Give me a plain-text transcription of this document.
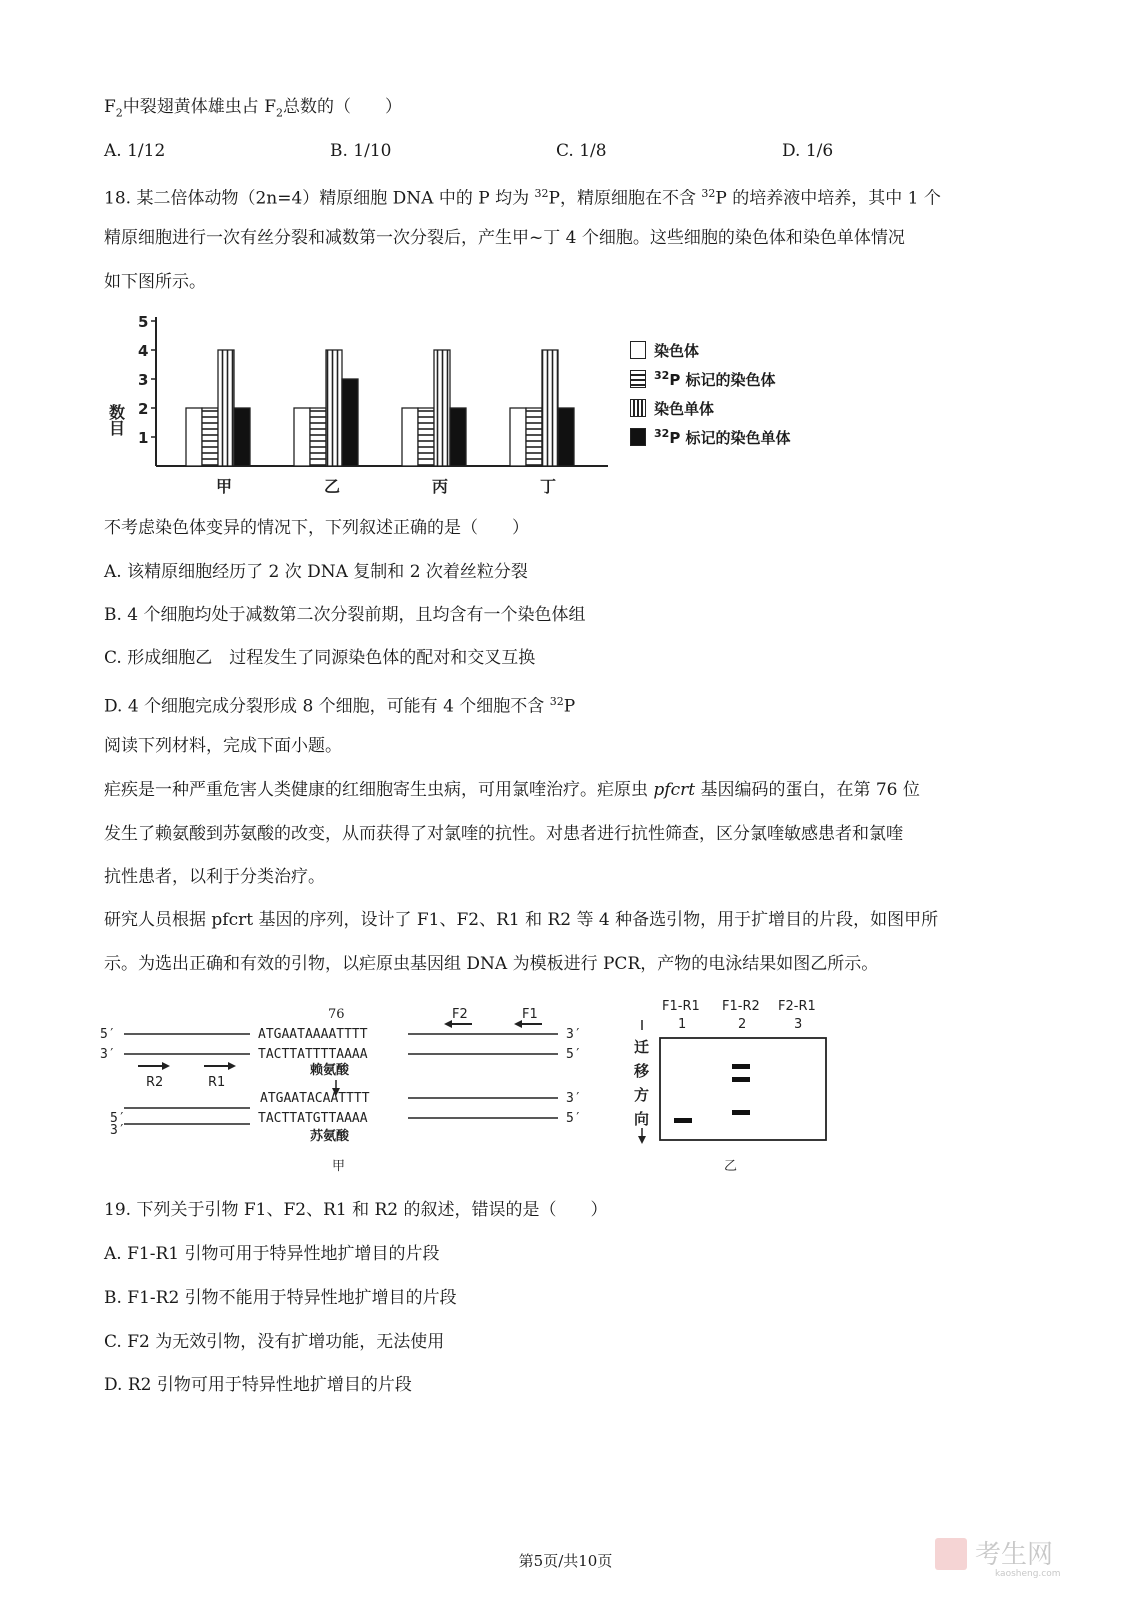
$F_2$中裂翅黄体雄虫占 $F_2$总数的（　　）
A. 1/12	B. 1/10	C. 1/8	D. 1/6
18. 某二倍体动物（2n=4）精原细胞 DNA 中的 P 均为 $^{32}$P，精原细胞在不含 $^{32}$P 的培养液中培养，其中 1 个
精原细胞进行一次有丝分裂和减数第一次分裂后，产生甲~丁 4 个细胞。这些细胞的染色体和染色单体情况
如下图所示。
1
2
3
4
5
数目
甲	乙	丙	丁
染色体
$^{32}$P 标记的染色体
染色单体
$^{32}$P 标记的染色单体
不考虑染色体变异的情况下，下列叙述正确的是（　　）
A. 该精原细胞经历了 2 次 DNA 复制和 2 次着丝粒分裂
B. 4 个细胞均处于减数第二次分裂前期，且均含有一个染色体组
C. 形成细胞乙　过程发生了同源染色体的配对和交叉互换
D. 4 个细胞完成分裂形成 8 个细胞，可能有 4 个细胞不含 $^{32}$P
阅读下列材料，完成下面小题。
疟疾是一种严重危害人类健康的红细胞寄生虫病，可用氯喹治疗。疟原虫 pfcrt 基因编码的蛋白，在第 76 位
发生了赖氨酸到苏氨酸的改变，从而获得了对氯喹的抗性。对患者进行抗性筛查，区分氯喹敏感患者和氯喹
抗性患者，以利于分类治疗。
研究人员根据 pfcrt 基因的序列，设计了 F1、F2、R1 和 R2 等 4 种备选引物，用于扩增目的片段，如图甲所
示。为选出正确和有效的引物，以疟原虫基因组 DNA 为模板进行 PCR，产物的电泳结果如图乙所示。
76
5′	ATGAATAAAATTTT	3′
3′	TACTTATTTTAAAA	5′
F2	F1
R2	R1
赖氨酸
ATGAATACAATTTT	3′
5′
3′
TACTTATGTTAAAA	5′
苏氨酸
甲
F1-R1 F1-R2 F2-R1
1	2	3
迁
移
方
向
乙
19. 下列关于引物 F1、F2、R1 和 R2 的叙述，错误的是（　　）
A. F1-R1 引物可用于特异性地扩增目的片段
B. F1-R2 引物不能用于特异性地扩增目的片段
C. F2 为无效引物，没有扩增功能，无法使用
D. R2 引物可用于特异性地扩增目的片段
第5页/共10页	考生网
kaosheng.com
